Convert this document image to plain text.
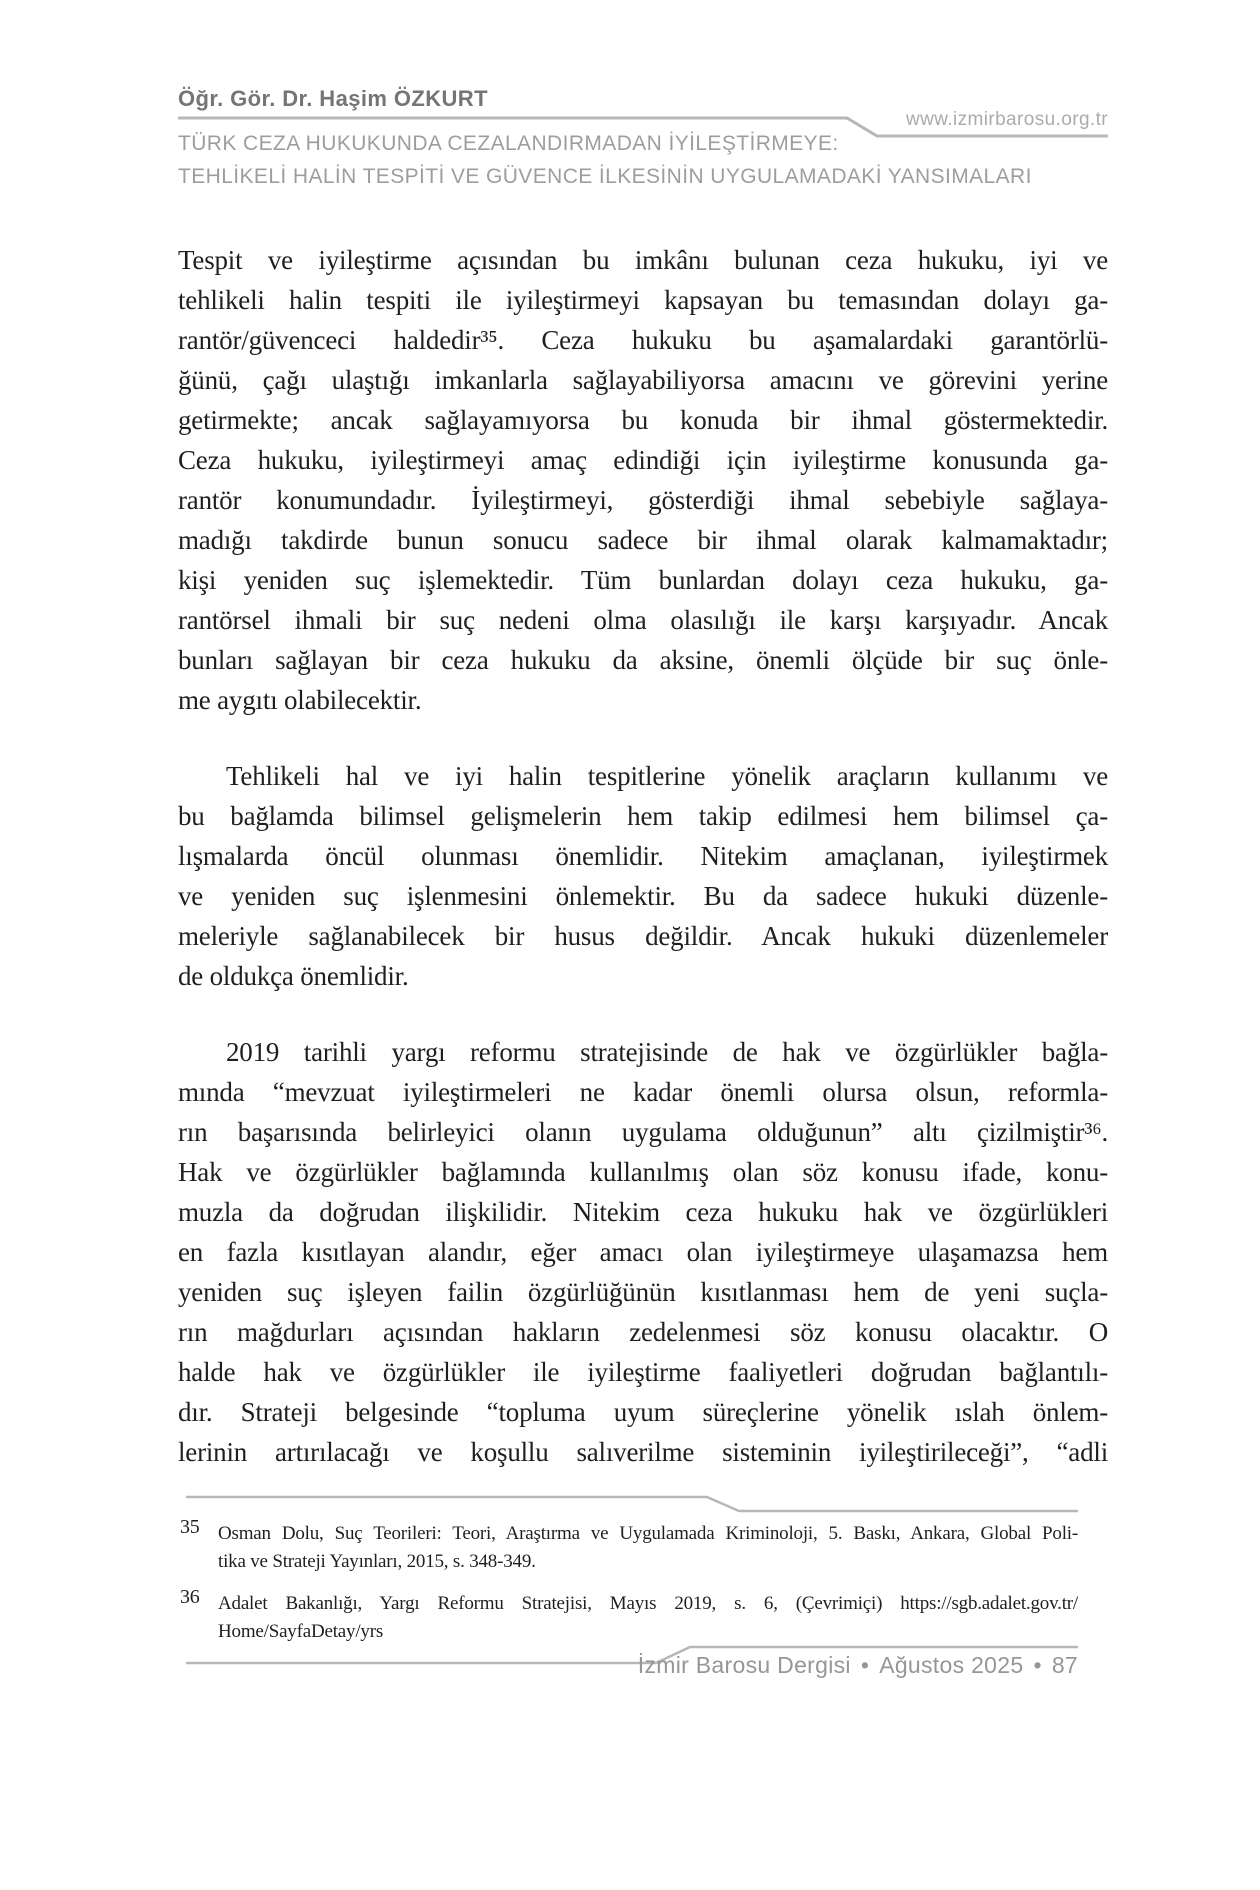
Öğr. Gör. Dr. Haşim ÖZKURT
www.izmirbarosu.org.tr
TÜRK CEZA HUKUKUNDA CEZALANDIRMADAN İYİLEŞTİRMEYE:
TEHLİKELİ HALİN TESPİTİ VE GÜVENCE İLKESİNİN UYGULAMADAKİ YANSIMALARI
Tespit ve iyileştirme açısından bu imkânı bulunan ceza hukuku, iyi ve
tehlikeli halin tespiti ile iyileştirmeyi kapsayan bu temasından dolayı ga-
rantör/güvenceci haldedir³⁵. Ceza hukuku bu aşamalardaki garantörlü-
ğünü, çağı ulaştığı imkanlarla sağlayabiliyorsa amacını ve görevini yerine
getirmekte; ancak sağlayamıyorsa bu konuda bir ihmal göstermektedir.
Ceza hukuku, iyileştirmeyi amaç edindiği için iyileştirme konusunda ga-
rantör konumundadır. İyileştirmeyi, gösterdiği ihmal sebebiyle sağlaya-
madığı takdirde bunun sonucu sadece bir ihmal olarak kalmamaktadır;
kişi yeniden suç işlemektedir. Tüm bunlardan dolayı ceza hukuku, ga-
rantörsel ihmali bir suç nedeni olma olasılığı ile karşı karşıyadır. Ancak
bunları sağlayan bir ceza hukuku da aksine, önemli ölçüde bir suç önle-
me aygıtı olabilecektir.
Tehlikeli hal ve iyi halin tespitlerine yönelik araçların kullanımı ve
bu bağlamda bilimsel gelişmelerin hem takip edilmesi hem bilimsel ça-
lışmalarda öncül olunması önemlidir. Nitekim amaçlanan, iyileştirmek
ve yeniden suç işlenmesini önlemektir. Bu da sadece hukuki düzenle-
meleriyle sağlanabilecek bir husus değildir. Ancak hukuki düzenlemeler
de oldukça önemlidir.
2019 tarihli yargı reformu stratejisinde de hak ve özgürlükler bağla-
mında “mevzuat iyileştirmeleri ne kadar önemli olursa olsun, reformla-
rın başarısında belirleyici olanın uygulama olduğunun” altı çizilmiştir³⁶.
Hak ve özgürlükler bağlamında kullanılmış olan söz konusu ifade, konu-
muzla da doğrudan ilişkilidir. Nitekim ceza hukuku hak ve özgürlükleri
en fazla kısıtlayan alandır, eğer amacı olan iyileştirmeye ulaşamazsa hem
yeniden suç işleyen failin özgürlüğünün kısıtlanması hem de yeni suçla-
rın mağdurları açısından hakların zedelenmesi söz konusu olacaktır. O
halde hak ve özgürlükler ile iyileştirme faaliyetleri doğrudan bağlantılı-
dır. Strateji belgesinde “topluma uyum süreçlerine yönelik ıslah önlem-
lerinin artırılacağı ve koşullu salıverilme sisteminin iyileştirileceği”, “adli
35 Osman Dolu, Suç Teorileri: Teori, Araştırma ve Uygulamada Kriminoloji, 5. Baskı, Ankara, Global Poli-
tika ve Strateji Yayınları, 2015, s. 348-349.
36 Adalet Bakanlığı, Yargı Reformu Stratejisi, Mayıs 2019, s. 6, (Çevrimiçi) https://sgb.adalet.gov.tr/
Home/SayfaDetay/yrs
İzmir Barosu Dergisi • Ağustos 2025 • 87
